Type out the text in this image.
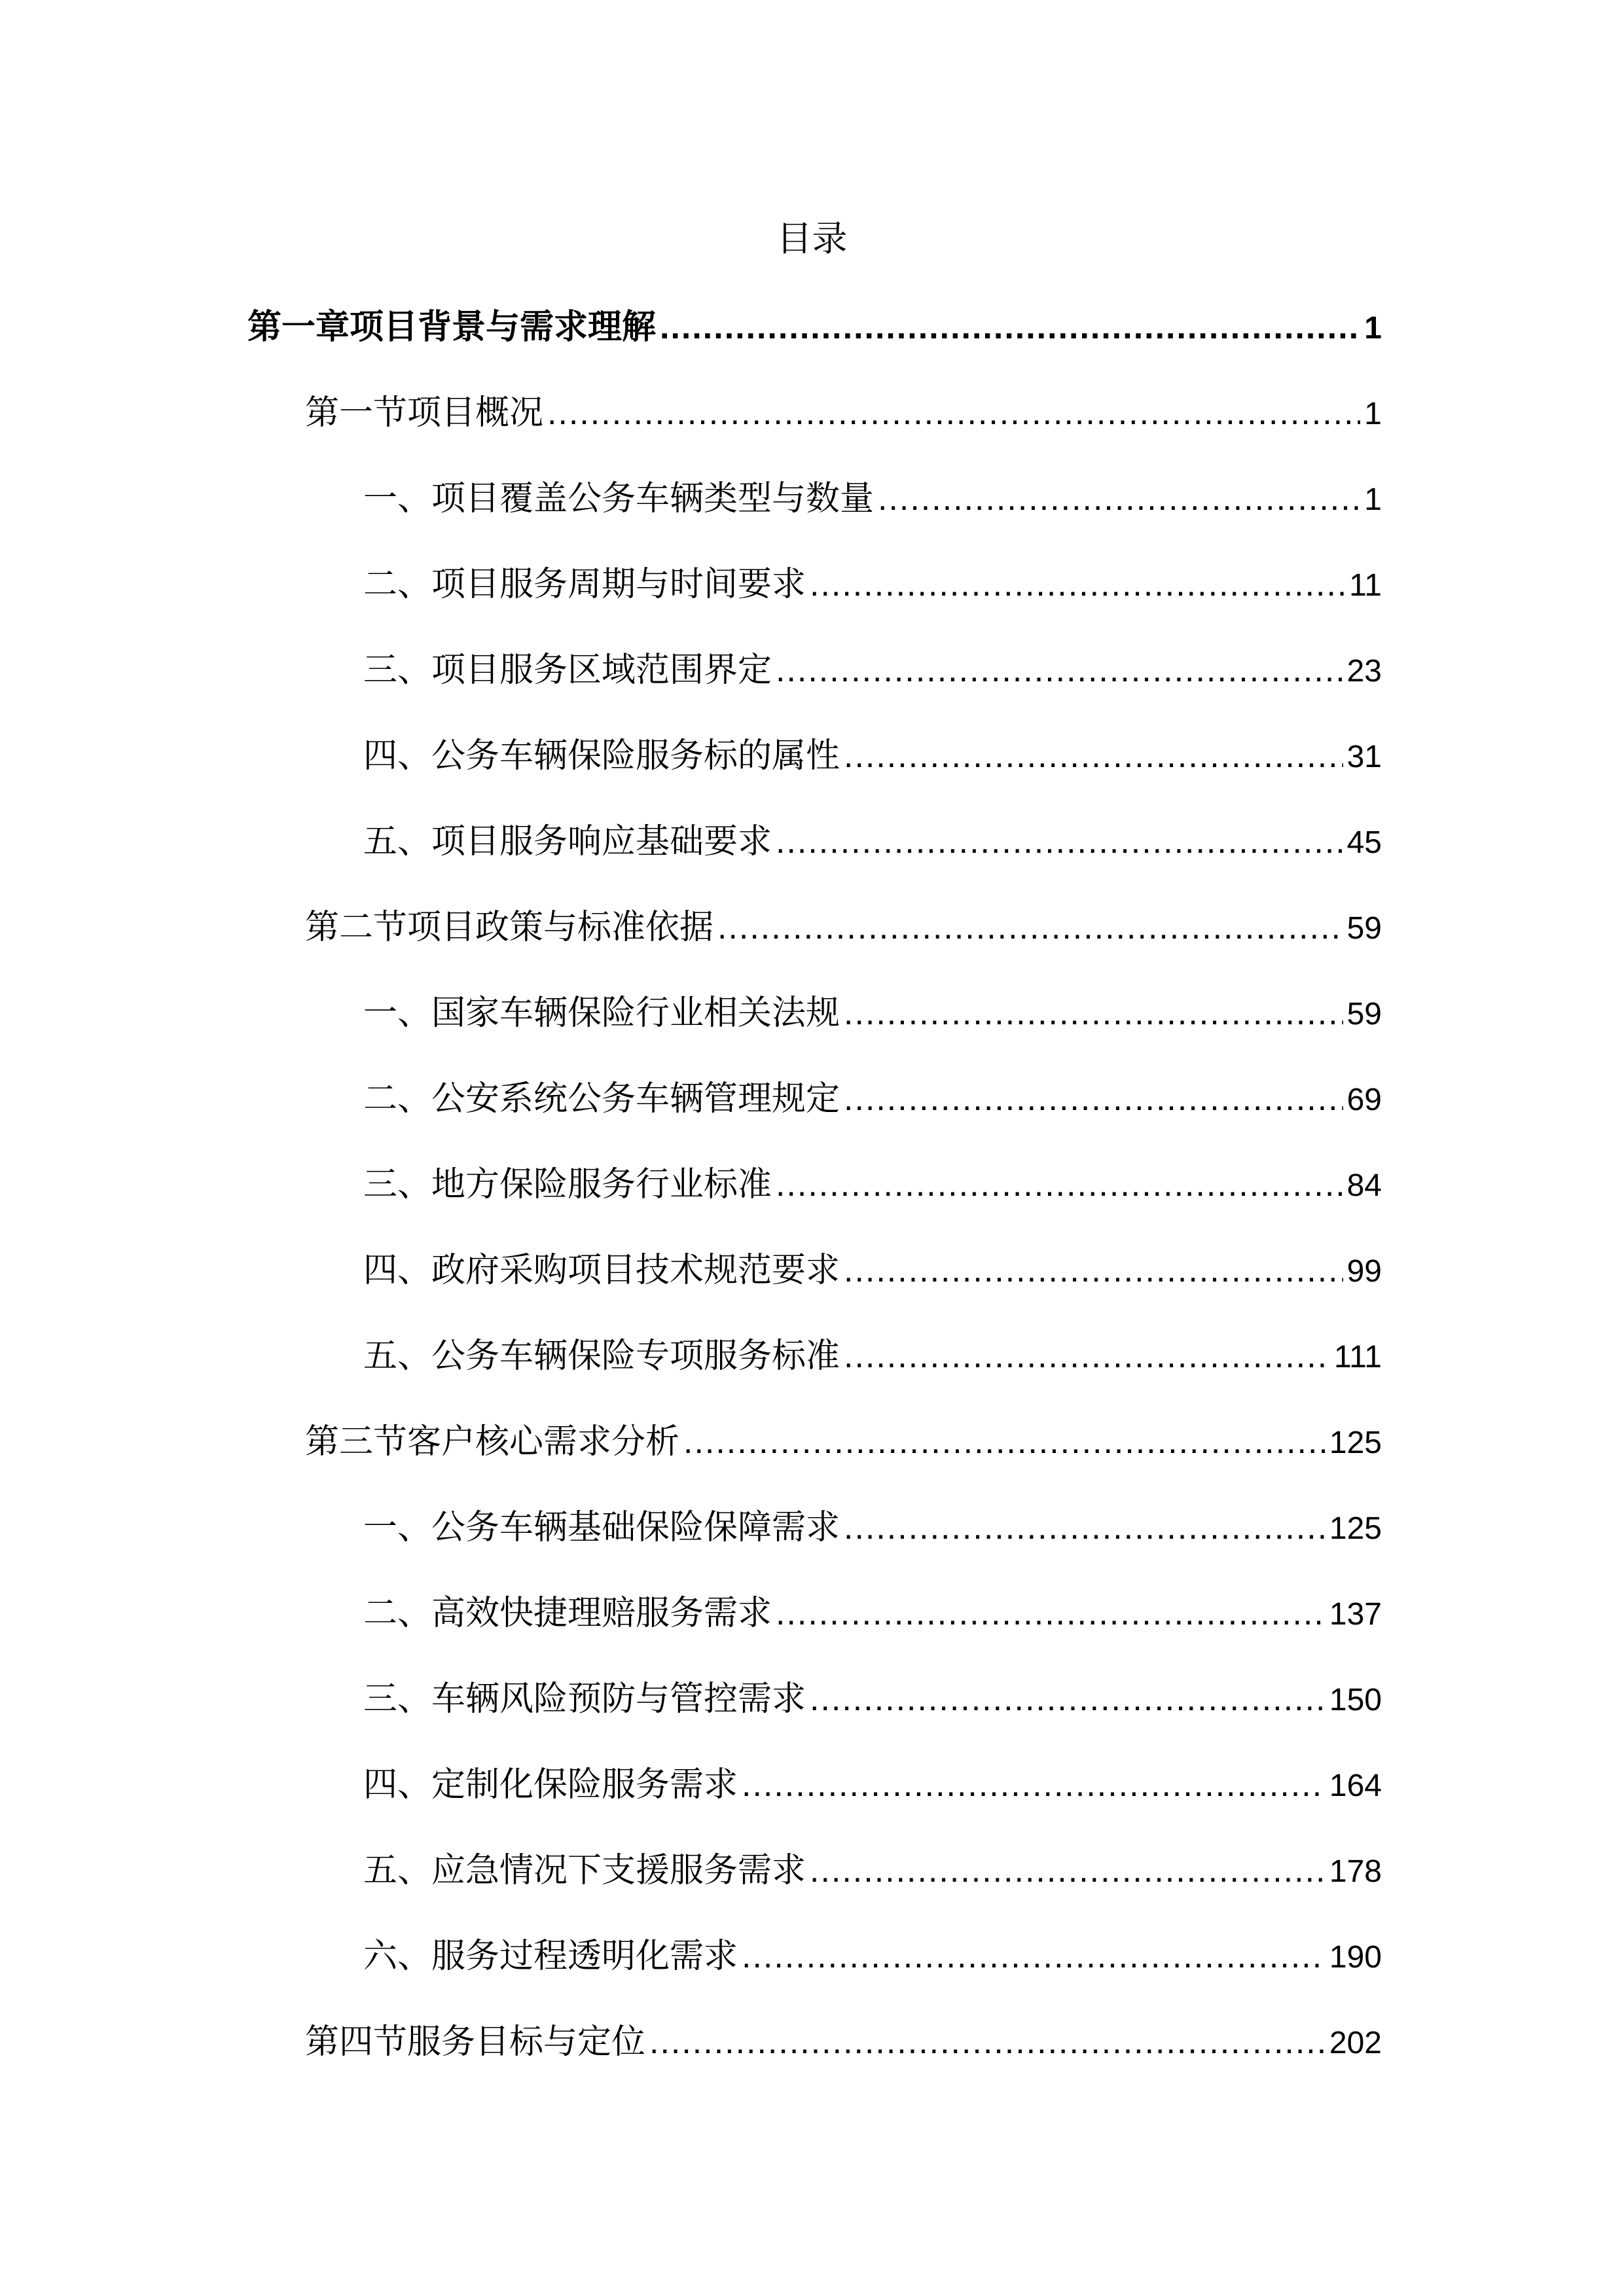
目录
第一章项目背景与需求理解 .....	1
第一节项目概况 .....	1
一、项目覆盖公务车辆类型与数量 .....	1
二、项目服务周期与时间要求 .....	11
三、项目服务区域范围界定 .....	23
四、公务车辆保险服务标的属性 .....	31
五、项目服务响应基础要求 .....	45
第二节项目政策与标准依据 .....	59
一、国家车辆保险行业相关法规 .....	59
二、公安系统公务车辆管理规定 .....	69
三、地方保险服务行业标准 .....	84
四、政府采购项目技术规范要求 .....	99
五、公务车辆保险专项服务标准 .....	111
第三节客户核心需求分析 .....	125
一、公务车辆基础保险保障需求 .....	125
二、高效快捷理赔服务需求 .....	137
三、车辆风险预防与管控需求 .....	150
四、定制化保险服务需求 .....	164
五、应急情况下支援服务需求 .....	178
六、服务过程透明化需求 .....	190
第四节服务目标与定位 .....	202
